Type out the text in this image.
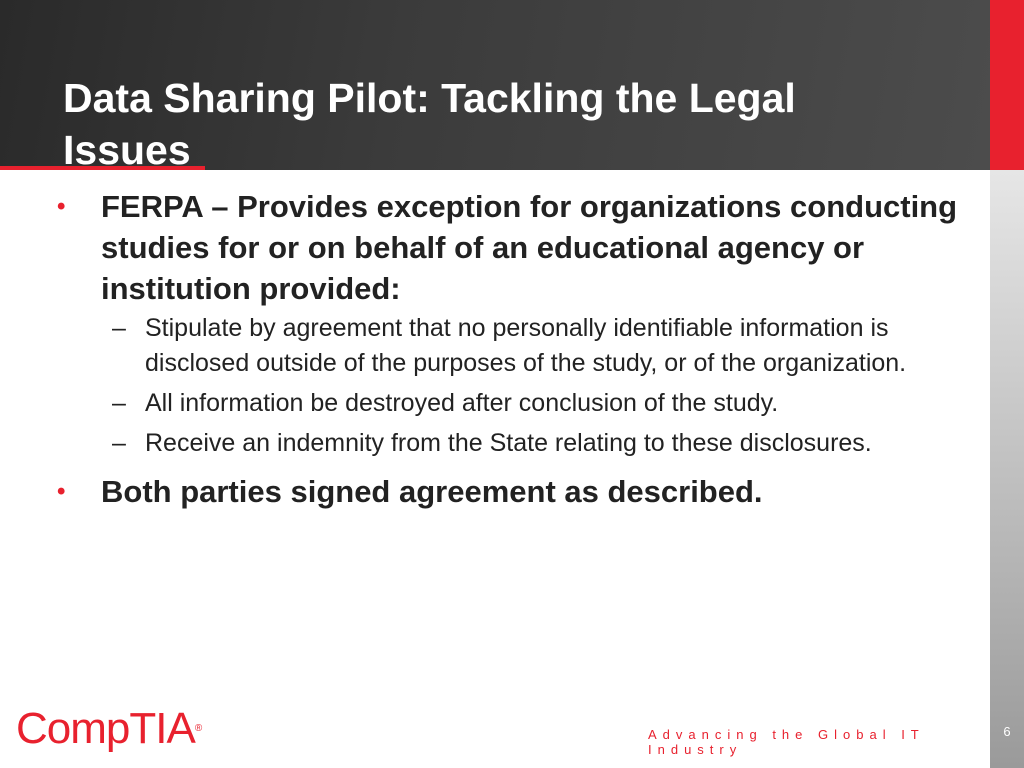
Data Sharing Pilot: Tackling the Legal Issues
•	FERPA – Provides exception for organizations conducting studies for or on behalf of an educational agency or institution provided:
– Stipulate by agreement that no personally identifiable information is disclosed outside of the purposes of the study, or of the organization.
– All information be destroyed after conclusion of the study.
– Receive an indemnity from the State relating to these disclosures.
•	Both parties signed agreement as described.
CompTIA®	Advancing the Global IT Industry
6
